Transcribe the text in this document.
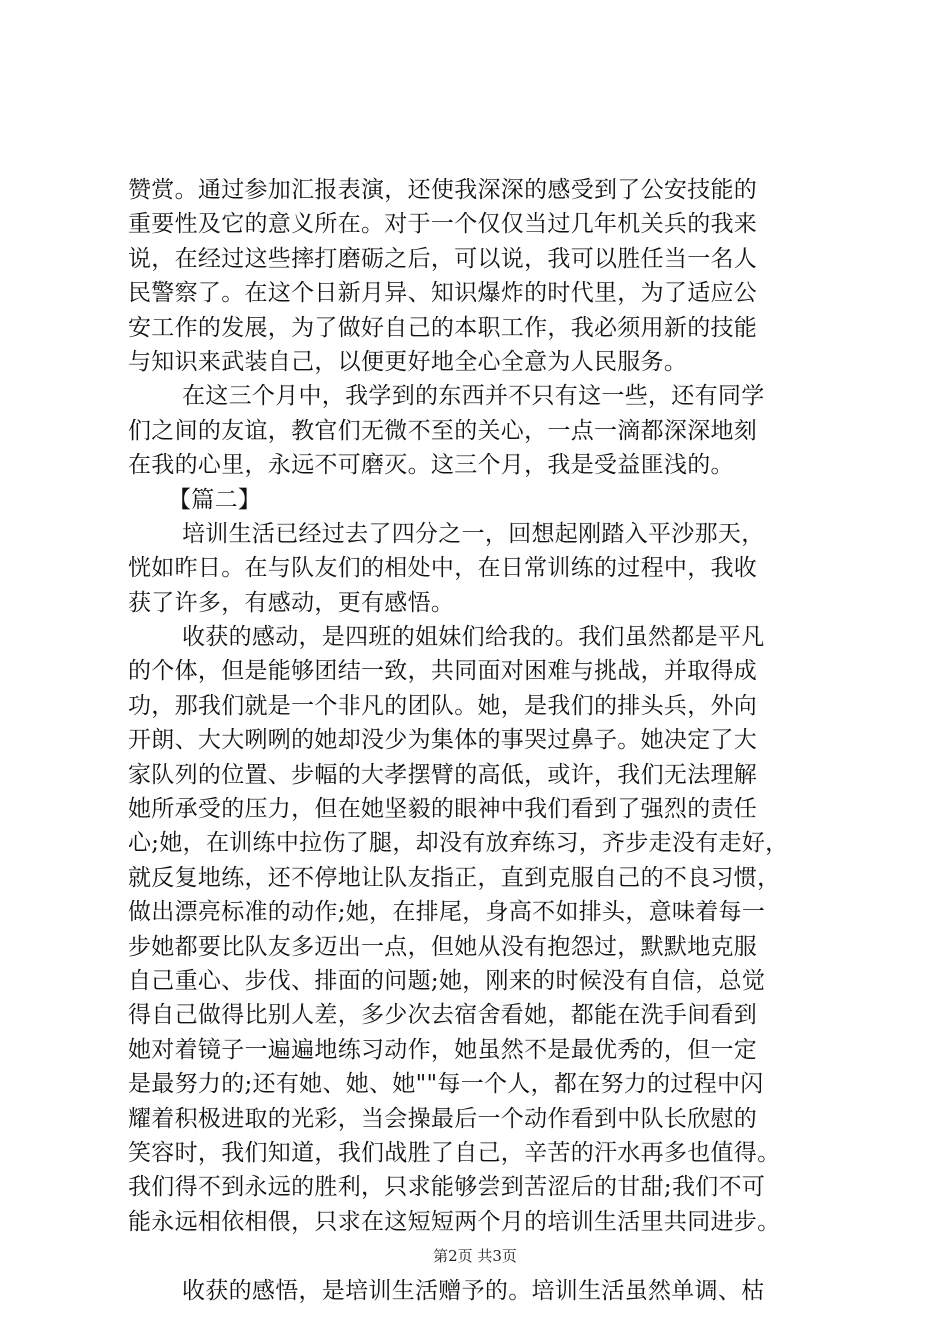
赞赏。通过参加汇报表演，还使我深深的感受到了公安技能的
重要性及它的意义所在。对于一个仅仅当过几年机关兵的我来
说，在经过这些摔打磨砺之后，可以说，我可以胜任当一名人
民警察了。在这个日新月异、知识爆炸的时代里，为了适应公
安工作的发展，为了做好自己的本职工作，我必须用新的技能
与知识来武装自己，以便更好地全心全意为人民服务。
在这三个月中，我学到的东西并不只有这一些，还有同学
们之间的友谊，教官们无微不至的关心，一点一滴都深深地刻
在我的心里，永远不可磨灭。这三个月，我是受益匪浅的。
【篇二】
培训生活已经过去了四分之一，回想起刚踏入平沙那天，
恍如昨日。在与队友们的相处中，在日常训练的过程中，我收
获了许多，有感动，更有感悟。
收获的感动，是四班的姐妹们给我的。我们虽然都是平凡
的个体，但是能够团结一致，共同面对困难与挑战，并取得成
功，那我们就是一个非凡的团队。她，是我们的排头兵，外向
开朗、大大咧咧的她却没少为集体的事哭过鼻子。她决定了大
家队列的位置、步幅的大孝摆臂的高低，或许，我们无法理解
她所承受的压力，但在她坚毅的眼神中我们看到了强烈的责任
心;她，在训练中拉伤了腿，却没有放弃练习，齐步走没有走好，
就反复地练，还不停地让队友指正，直到克服自己的不良习惯，
做出漂亮标准的动作;她，在排尾，身高不如排头，意味着每一
步她都要比队友多迈出一点，但她从没有抱怨过，默默地克服
自己重心、步伐、排面的问题;她，刚来的时候没有自信，总觉
得自己做得比别人差，多少次去宿舍看她，都能在洗手间看到
她对着镜子一遍遍地练习动作，她虽然不是最优秀的，但一定
是最努力的;还有她、她、她""每一个人，都在努力的过程中闪
耀着积极进取的光彩，当会操最后一个动作看到中队长欣慰的
笑容时，我们知道，我们战胜了自己，辛苦的汗水再多也值得。
我们得不到永远的胜利，只求能够尝到苦涩后的甘甜;我们不可
能永远相依相偎，只求在这短短两个月的培训生活里共同进步。
收获的感悟，是培训生活赠予的。培训生活虽然单调、枯
第2页 共3页
